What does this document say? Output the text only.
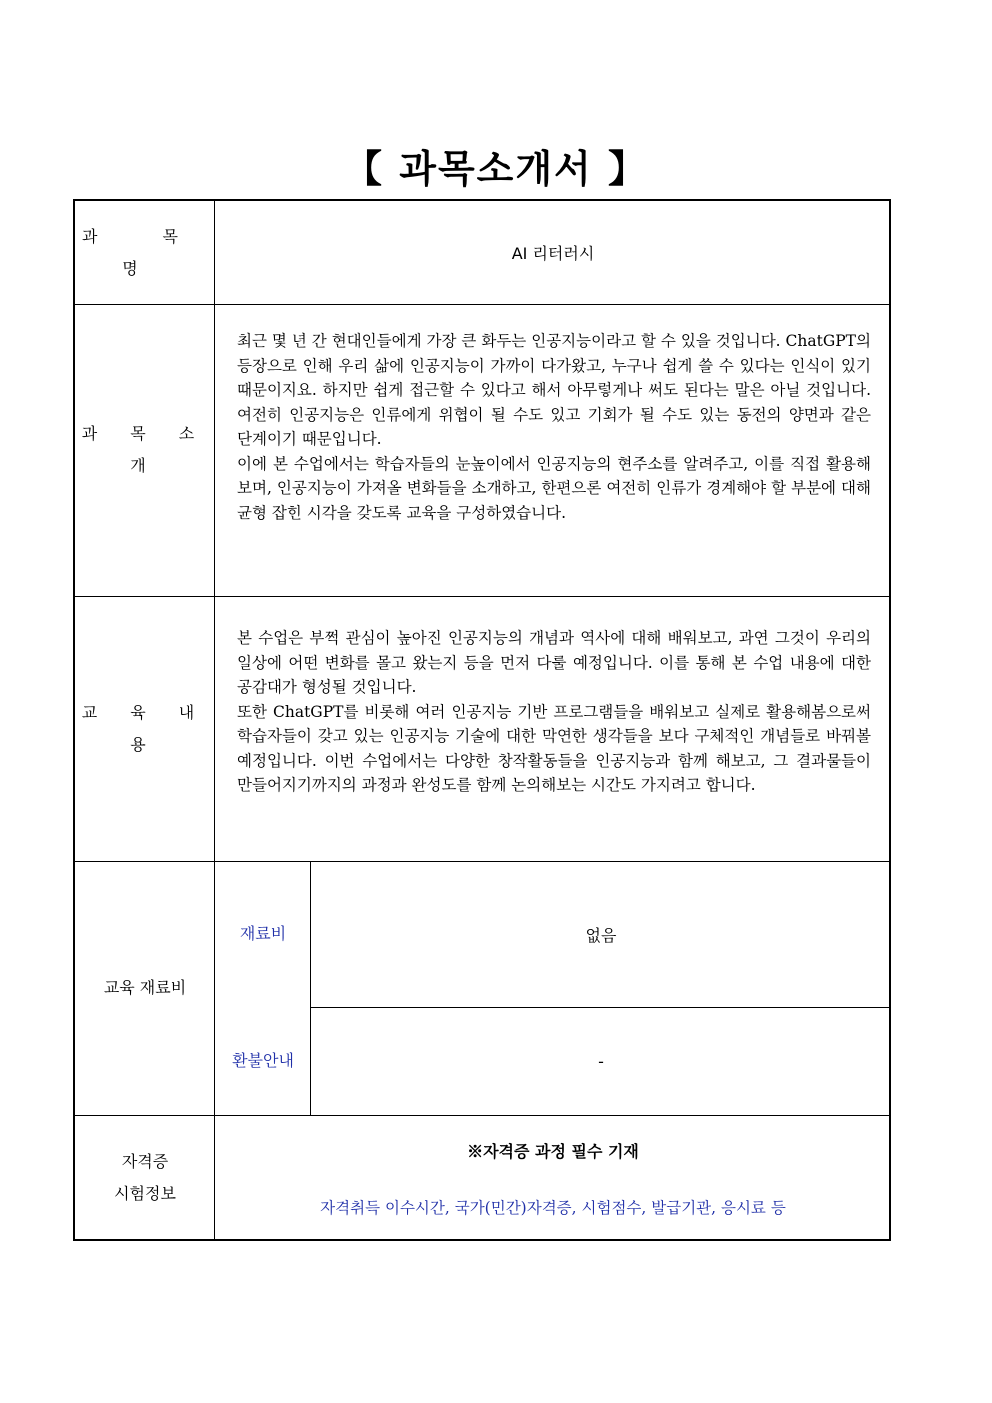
【 과목소개서 】
과 목 명
AI 리터러시
과 목 소 개

최근 몇 년 간 현대인들에게 가장 큰 화두는 인공지능이라고 할 수 있을 것입니다. ChatGPT의 등장으로 인해 우리 삶에 인공지능이 가까이 다가왔고, 누구나 쉽게 쓸 수 있다는 인식이 있기 때문이지요. 하지만 쉽게 접근할 수 있다고 해서 아무렇게나 써도 된다는 말은 아닐 것입니다. 여전히 인공지능은 인류에게 위협이 될 수도 있고 기회가 될 수도 있는 동전의 양면과 같은 단계이기 때문입니다.

이에 본 수업에서는 학습자들의 눈높이에서 인공지능의 현주소를 알려주고, 이를 직접 활용해 보며, 인공지능이 가져올 변화들을 소개하고, 한편으론 여전히 인류가 경계해야 할 부분에 대해 균형 잡힌 시각을 갖도록 교육을 구성하였습니다.

교 육 내 용

본 수업은 부쩍 관심이 높아진 인공지능의 개념과 역사에 대해 배워보고, 과연 그것이 우리의 일상에 어떤 변화를 몰고 왔는지 등을 먼저 다룰 예정입니다. 이를 통해 본 수업 내용에 대한 공감대가 형성될 것입니다.

또한 ChatGPT를 비롯해 여러 인공지능 기반 프로그램들을 배워보고 실제로 활용해봄으로써 학습자들이 갖고 있는 인공지능 기술에 대한 막연한 생각들을 보다 구체적인 개념들로 바꿔볼 예정입니다. 이번 수업에서는 다양한 창작활동들을 인공지능과 함께 해보고, 그 결과물들이 만들어지기까지의 과정과 완성도를 함께 논의해보는 시간도 가지려고 합니다.

교육 재료비
재료비	없음
환불안내	-
자격증
시험정보
※자격증 과정 필수 기재
자격취득 이수시간, 국가(민간)자격증, 시험점수, 발급기관, 응시료 등
